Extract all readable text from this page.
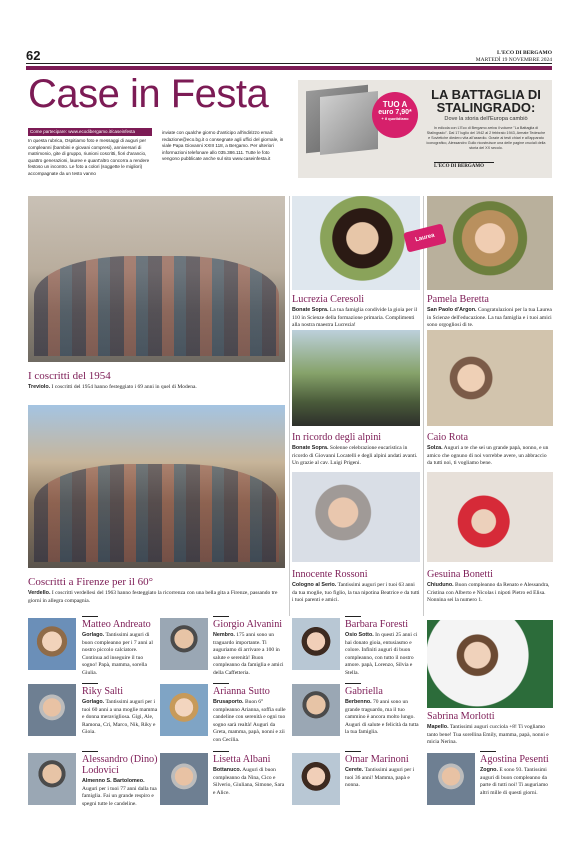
62	L'ECO DI BERGAMO
MARTEDÌ 19 NOVEMBRE 2024
Case in Festa
Come partecipare: www.ecodibergamo.it/caseinfesta
In questa rubrica, Ospitiamo foto e messaggi di auguri per compleanni (bambini e giovani compresi), anniversari di matrimonio, gite di gruppo, riunioni coscritti, fiori d'arancio, quattro generazioni, lauree e quant'altro concorra a rendere festoso un incontro. Le foto a colori (soggette le migliori) accompagnate da un testo vanno
inviate con qualche giorno d'anticipo all'indirizzo email: redazione@eco.bg.it o consegnate agli uffici del giornale, in viale Papa Giovanni XXIII 118, a Bergamo. Per ulteriori informazioni telefonare allo 035.386.111. Tutte le foto vengono pubblicate anche sul sito www.caseinfesta.it
TUO A
euro 7,90*
+ il quotidiano
LA BATTAGLIA DI STALINGRADO:
Dove la storia dell'Europa cambiò
In edicola con L'Eco di Bergamo arriva il volume "La Battaglia di Stalingrado". Dal 17 luglio del 1942 al 2 febbraio 1943, Armate Tedesche e Sovietiche diedero vita all'assedio. Grazie ai testi chiari e all'apparato iconografico, Alessandro Gullo ricostruisce una delle pagine cruciali della storia del XX secolo.
L'ECO DI BERGAMO
I coscritti del 1954
Treviolo. I coscritti del 1954 hanno festeggiato i 69 anni in quel di Modena.
Coscritti a Firenze per il 60°
Verdello. I coscritti verdellesi del 1963 hanno festeggiato la ricorrenza con una bella gita a Firenze, passando tre giorni in allegra compagnia.
Laurea
Lucrezia Ceresoli
Bonate Sopra. La tua famiglia condivide la gioia per il 110 in Scienze della formazione primaria. Complimenti alla nostra maestra Lucrezia!
Pamela Beretta
San Paolo d'Argon. Congratulazioni per la tua Laurea in Scienze dell'educazione. La tua famiglia e i tuoi amici sono orgogliosi di te.
In ricordo degli alpini
Bonate Sopra. Solenne celebrazione eucaristica in ricordo di Giovanni Locatelli e degli alpini andati avanti. Un grazie al cav. Luigi Prigeni.
Caio Rota
Solza. Auguri a te che sei un grande papà, nonno, e un amico che ognuno di noi vorrebbe avere, un abbraccio da tutti noi, ti vogliamo bene.
Innocente Rossoni
Cologno al Serio. Tantissimi auguri per i tuoi 63 anni da tua moglie, tuo figlio, la tua nipotina Beatrice e da tutti i tuoi parenti e amici.
Gesuina Bonetti
Chiuduno. Buon compleanno da Renato e Alessandra, Cristina con Alberto e Nicolas i nipoti Pietro ed Elisa. Nonnina sei la numero 1.
Matteo Andreato
Gorlago. Tantissimi auguri di buon compleanno per i 7 anni al nostro piccolo calciatore. Continua ad inseguire il tuo sogno! Papà, mamma, sorella Giulia.
Giorgio Alvanini
Nembro. 175 anni sono un traguardo importante. Ti auguriamo di arrivare a 100 in salute e serenità! Buon compleanno da famiglia e amici della Caffetteria.
Barbara Foresti
Osio Sotto. In questi 25 anni ci hai donato gioia, entusiasmo e colore. Infiniti auguri di buon compleanno, con tutto il nostro amore. papà, Lorenzo, Silvia e Stella.
Sabrina Morlotti
Mapello. Tantissimi auguri cucciola +8! Ti vogliamo tanto bene! Tua sorellina Emily, mamma, papà, nonni e micia Nerina.
Riky Salti
Gorlago. Tantissimi auguri per i tuoi 60 anni a una moglie mamma e donna meravigliosa. Gigi, Ale, Ramona, Cri, Marco, Nik, Riky e Gioia.
Arianna Sutto
Brusaporto. Buon 6° compleanno Arianna, soffia sulle candeline con serenità e ogni tuo sogno sarà realtà! Auguri da Greta, mamma, papà, nonni e zii con Cecilia.
Gabriella
Berbenno. 70 anni sono un grande traguardo, ma il tuo cammino è ancora molto lungo. Auguri di salute e felicità da tutta la tua famiglia.
Alessandro (Dino) Lodovici
Almenno S. Bartolomeo. Auguri per i tuoi 77 anni dalla tua famiglia. Fai un grande respiro e spegni tutte le candeline.
Lisetta Albani
Bottanuco. Auguri di buon compleanno da Nina, Cico e Silverio, Giuliana, Simone, Sara e Alice.
Omar Marinoni
Cerete. Tantissimi auguri per i tuoi 36 anni! Mamma, papà e nonna.
Agostina Pesenti
Zogno. E sono 93. Tantissimi auguri di buon compleanno da parte di tutti noi! Ti auguriamo altri mille di questi giorni.
